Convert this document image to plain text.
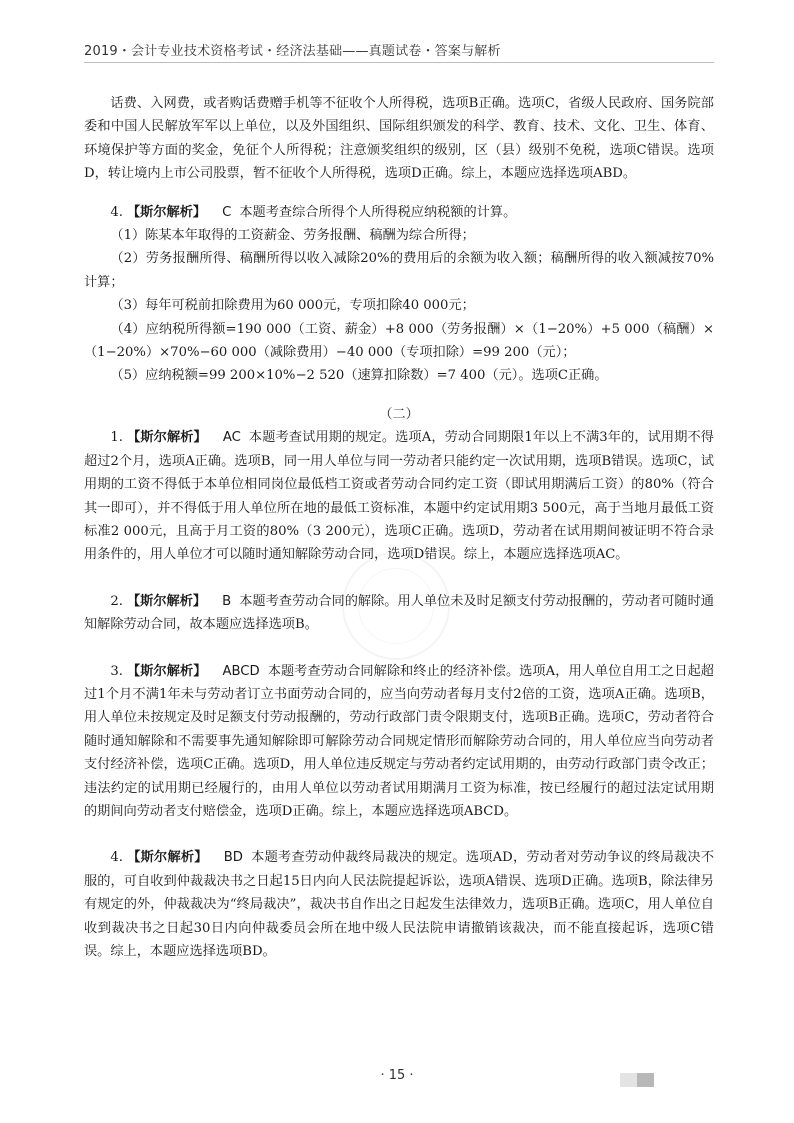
2019・会计专业技术资格考试・经济法基础——真题试卷・答案与解析

话费、入网费，或者购话费赠手机等不征收个人所得税，选项B正确。选项C，省级人民政府、国务院部委和中国人民解放军军以上单位，以及外国组织、国际组织颁发的科学、教育、技术、文化、卫生、体育、环境保护等方面的奖金，免征个人所得税；注意颁奖组织的级别，区（县）级别不免税，选项C错误。选项D，转让境内上市公司股票，暂不征收个人所得税，选项D正确。综上，本题应选择选项ABD。

4. 【斯尔解析】 C 本题考查综合所得个人所得税应纳税额的计算。

（1）陈某本年取得的工资薪金、劳务报酬、稿酬为综合所得；

（2）劳务报酬所得、稿酬所得以收入减除20%的费用后的余额为收入额；稿酬所得的收入额减按70%计算；

（3）每年可税前扣除费用为60 000元，专项扣除40 000元；

（4）应纳税所得额=190 000（工资、薪金）+8 000（劳务报酬）×（1−20%）+5 000（稿酬）×（1−20%）×70%−60 000（减除费用）−40 000（专项扣除）=99 200（元）；

（5）应纳税额=99 200×10%−2 520（速算扣除数）=7 400（元）。选项C正确。

（二）

1. 【斯尔解析】 AC 本题考查试用期的规定。选项A，劳动合同期限1年以上不满3年的，试用期不得超过2个月，选项A正确。选项B，同一用人单位与同一劳动者只能约定一次试用期，选项B错误。选项C，试用期的工资不得低于本单位相同岗位最低档工资或者劳动合同约定工资（即试用期满后工资）的80%（符合其一即可），并不得低于用人单位所在地的最低工资标准，本题中约定试用期3 500元，高于当地月最低工资标准2 000元，且高于月工资的80%（3 200元），选项C正确。选项D，劳动者在试用期间被证明不符合录用条件的，用人单位才可以随时通知解除劳动合同，选项D错误。综上，本题应选择选项AC。

2. 【斯尔解析】 B 本题考查劳动合同的解除。用人单位未及时足额支付劳动报酬的，劳动者可随时通知解除劳动合同，故本题应选择选项B。

3. 【斯尔解析】 ABCD 本题考查劳动合同解除和终止的经济补偿。选项A，用人单位自用工之日起超过1个月不满1年未与劳动者订立书面劳动合同的，应当向劳动者每月支付2倍的工资，选项A正确。选项B，用人单位未按规定及时足额支付劳动报酬的，劳动行政部门责令限期支付，选项B正确。选项C，劳动者符合随时通知解除和不需要事先通知解除即可解除劳动合同规定情形而解除劳动合同的，用人单位应当向劳动者支付经济补偿，选项C正确。选项D，用人单位违反规定与劳动者约定试用期的，由劳动行政部门责令改正；违法约定的试用期已经履行的，由用人单位以劳动者试用期满月工资为标准，按已经履行的超过法定试用期的期间向劳动者支付赔偿金，选项D正确。综上，本题应选择选项ABCD。

4. 【斯尔解析】 BD 本题考查劳动仲裁终局裁决的规定。选项AD，劳动者对劳动争议的终局裁决不服的，可自收到仲裁裁决书之日起15日内向人民法院提起诉讼，选项A错误、选项D正确。选项B，除法律另有规定的外，仲裁裁决为“终局裁决”，裁决书自作出之日起发生法律效力，选项B正确。选项C，用人单位自收到裁决书之日起30日内向仲裁委员会所在地中级人民法院申请撤销该裁决，而不能直接起诉，选项C错误。综上，本题应选择选项BD。

· 15 ·
